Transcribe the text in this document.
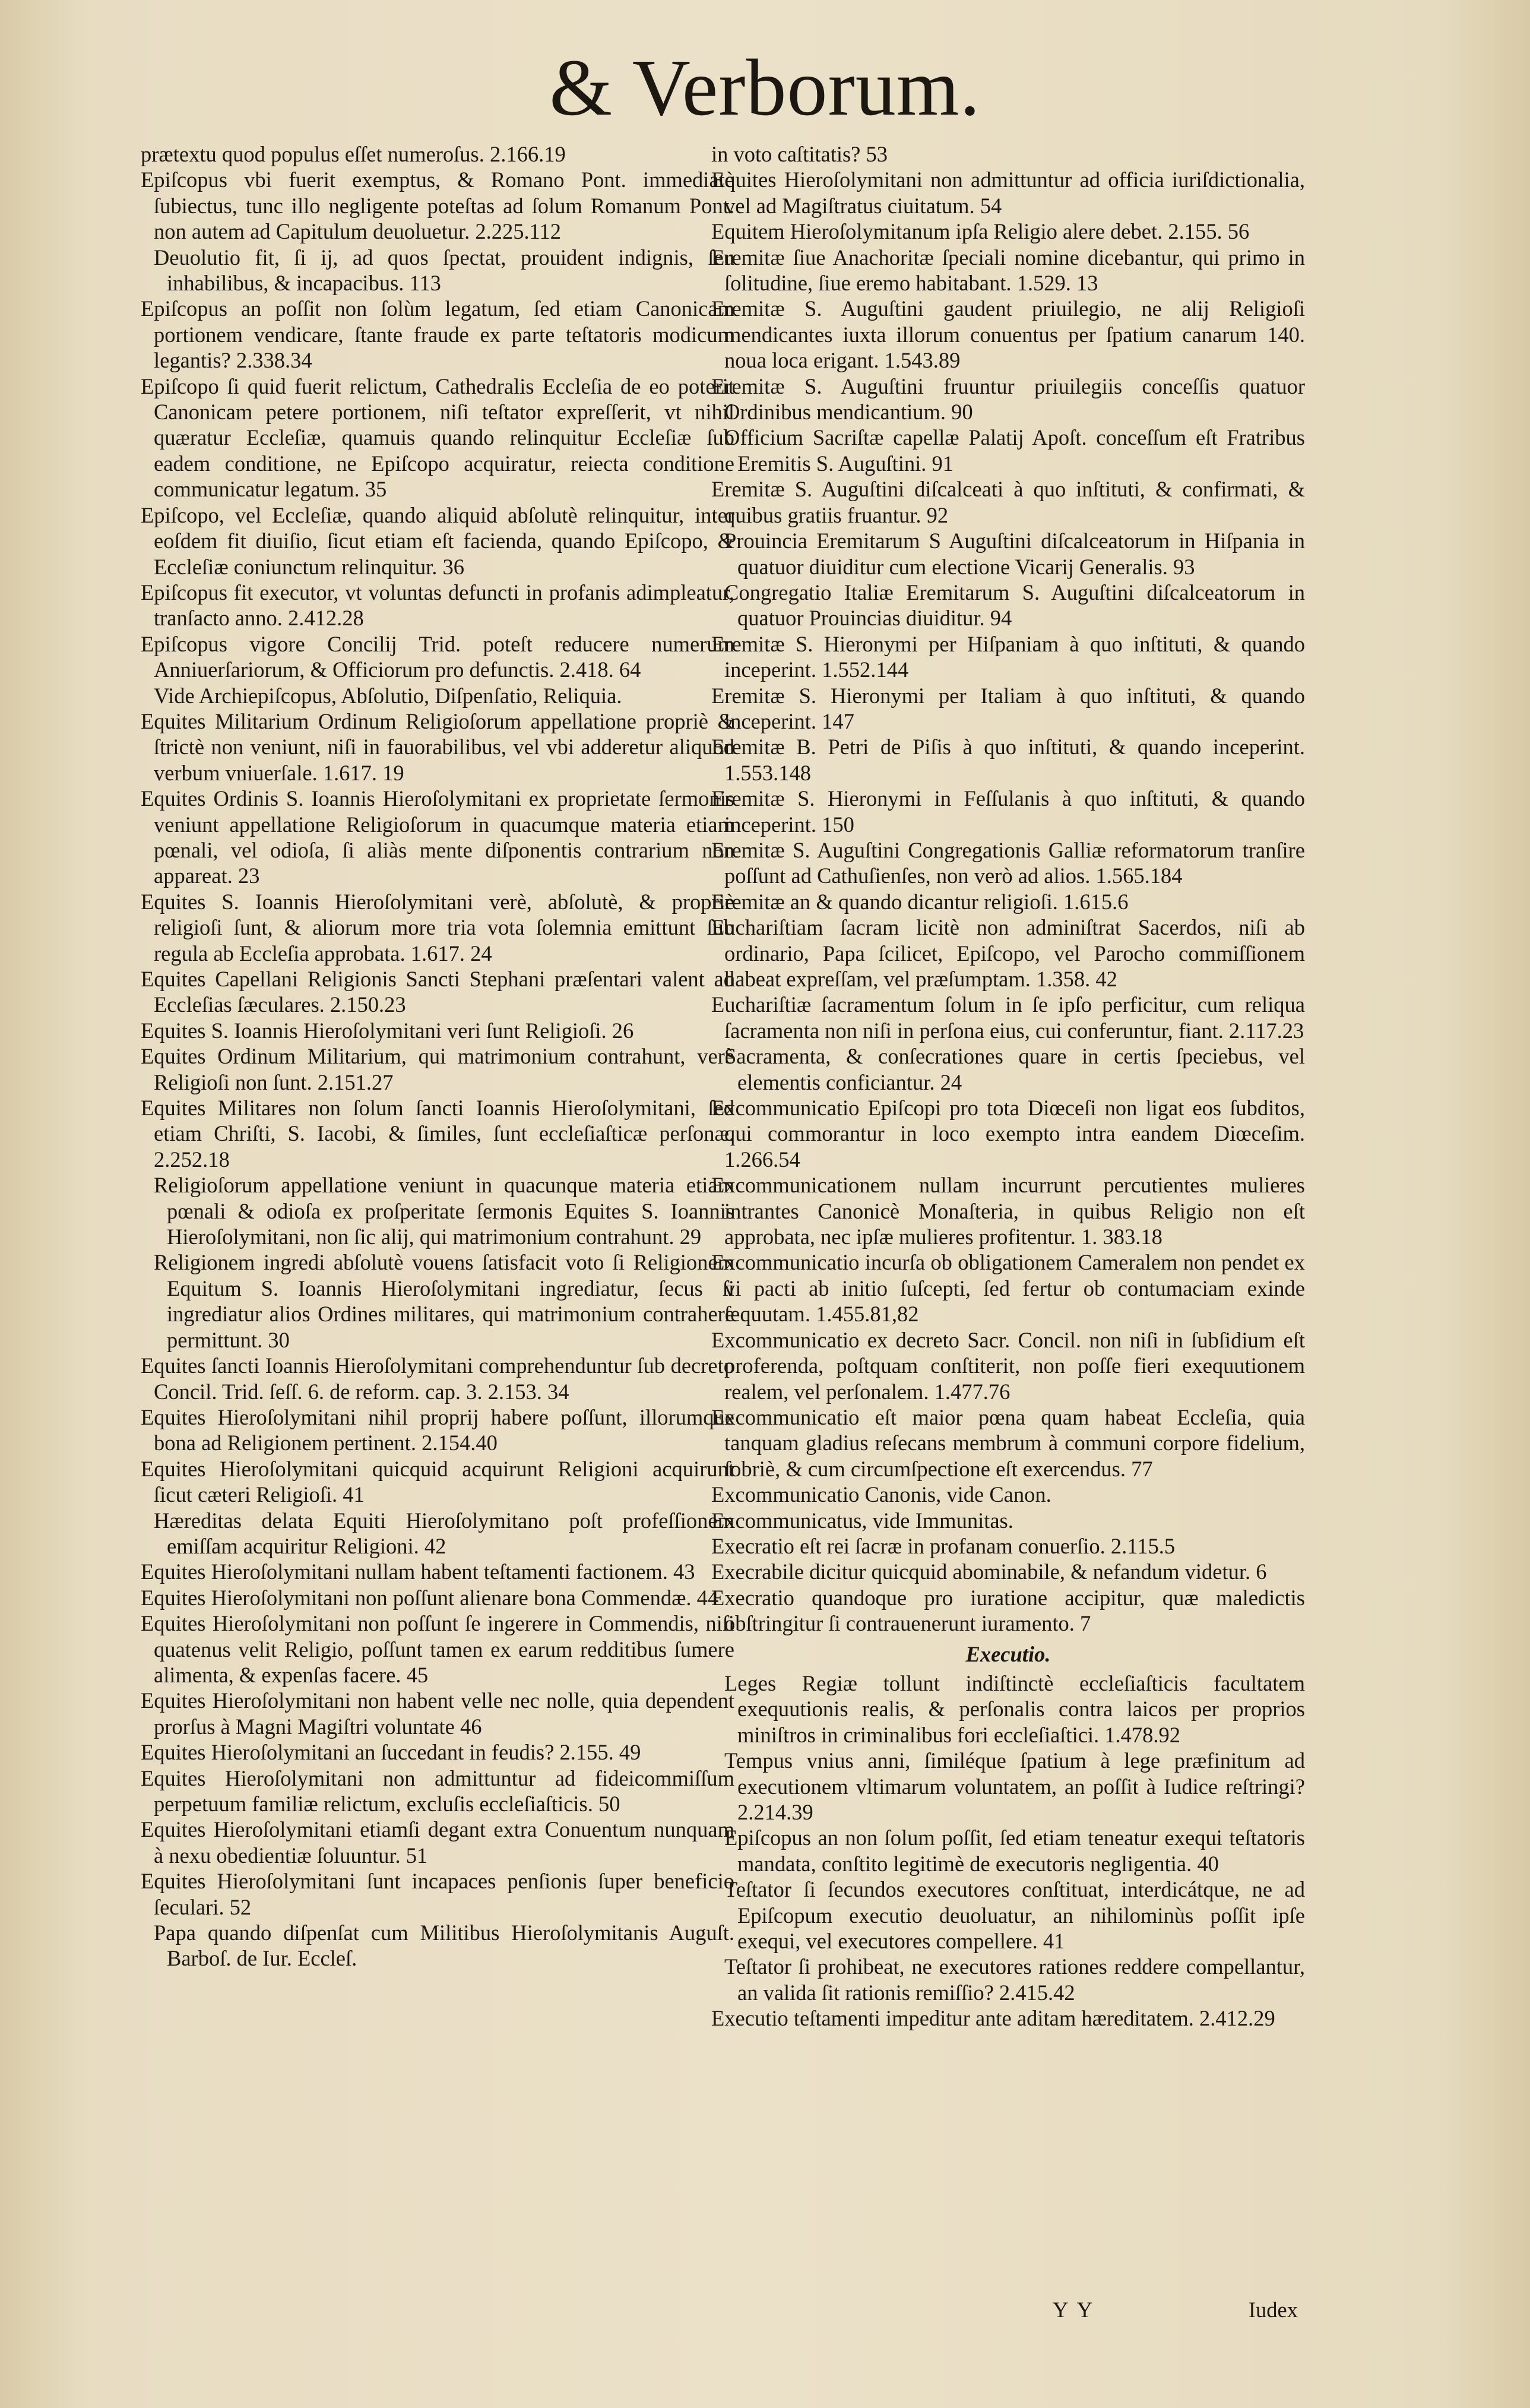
& Verborum.

prætextu quod populus eſſet numeroſus. 2.166.19

Epiſcopus vbi fuerit exemptus, & Romano Pont. immediatè ſubiectus, tunc illo negligente poteſtas ad ſolum Romanum Pont. non autem ad Capitulum deuoluetur. 2.225.112

Deuolutio fit, ſi ij, ad quos ſpectat, prouident indignis, ſeu inhabilibus, & incapacibus. 113

Epiſcopus an poſſit non ſolùm legatum, ſed etiam Canonicam portionem vendicare, ſtante fraude ex parte teſtatoris modicum legantis? 2.338.34

Epiſcopo ſi quid fuerit relictum, Cathedralis Eccleſia de eo poterit Canonicam petere portionem, niſi teſtator expreſſerit, vt nihil quæratur Eccleſiæ, quamuis quando relinquitur Eccleſiæ ſub eadem conditione, ne Epiſcopo acquiratur, reiecta conditione communicatur legatum. 35

Epiſcopo, vel Eccleſiæ, quando aliquid abſolutè relinquitur, inter eoſdem fit diuiſio, ſicut etiam eſt facienda, quando Epiſcopo, & Eccleſiæ coniunctum relinquitur. 36

Epiſcopus fit executor, vt voluntas defuncti in profanis adimpleatur, tranſacto anno. 2.412.28

Epiſcopus vigore Concilij Trid. poteſt reducere numerum Anniuerſariorum, & Officiorum pro defunctis. 2.418. 64

Vide Archiepiſcopus, Abſolutio, Diſpenſatio, Reliquia.

Equites Militarium Ordinum Religioſorum appellatione propriè & ſtrictè non veniunt, niſi in fauorabilibus, vel vbi adderetur aliquod verbum vniuerſale. 1.617. 19

Equites Ordinis S. Ioannis Hieroſolymitani ex proprietate ſermonis veniunt appellatione Religioſorum in quacumque materia etiam pœnali, vel odioſa, ſi aliàs mente diſponentis contrarium non appareat. 23

Equites S. Ioannis Hieroſolymitani verè, abſolutè, & propriè religioſi ſunt, & aliorum more tria vota ſolemnia emittunt ſub regula ab Eccleſia approbata. 1.617. 24

Equites Capellani Religionis Sancti Stephani præſentari valent ad Eccleſias ſæculares. 2.150.23

Equites S. Ioannis Hieroſolymitani veri ſunt Religioſi. 26

Equites Ordinum Militarium, qui matrimonium contrahunt, verè Religioſi non ſunt. 2.151.27

Equites Militares non ſolum ſancti Ioannis Hieroſolymitani, ſed etiam Chriſti, S. Iacobi, & ſimiles, ſunt eccleſiaſticæ perſonæ. 2.252.18

Religioſorum appellatione veniunt in quacunque materia etiam pœnali & odioſa ex proſperitate ſermonis Equites S. Ioannis Hieroſolymitani, non ſic alij, qui matrimonium contrahunt. 29

Religionem ingredi abſolutè vouens ſatisfacit voto ſi Religionem Equitum S. Ioannis Hieroſolymitani ingrediatur, ſecus ſi ingrediatur alios Ordines militares, qui matrimonium contrahere permittunt. 30

Equites ſancti Ioannis Hieroſolymitani comprehenduntur ſub decreto Concil. Trid. ſeſſ. 6. de reform. cap. 3. 2.153. 34

Equites Hieroſolymitani nihil proprij habere poſſunt, illorumque bona ad Religionem pertinent. 2.154.40

Equites Hieroſolymitani quicquid acquirunt Religioni acquirunt ſicut cæteri Religioſi. 41

Hæreditas delata Equiti Hieroſolymitano poſt profeſſionem emiſſam acquiritur Religioni. 42

Equites Hieroſolymitani nullam habent teſtamenti factionem. 43

Equites Hieroſolymitani non poſſunt alienare bona Commendæ. 44

Equites Hieroſolymitani non poſſunt ſe ingerere in Commendis, niſi quatenus velit Religio, poſſunt tamen ex earum redditibus ſumere alimenta, & expenſas facere. 45

Equites Hieroſolymitani non habent velle nec nolle, quia dependent prorſus à Magni Magiſtri voluntate 46

Equites Hieroſolymitani an ſuccedant in feudis? 2.155. 49

Equites Hieroſolymitani non admittuntur ad fideicommiſſum perpetuum familiæ relictum, excluſis eccleſiaſticis. 50

Equites Hieroſolymitani etiamſi degant extra Conuentum nunquam à nexu obedientiæ ſoluuntur. 51

Equites Hieroſolymitani ſunt incapaces penſionis ſuper beneficio ſeculari. 52

Papa quando diſpenſat cum Militibus Hieroſolymitanis Auguſt. Barboſ. de Iur. Eccleſ.

in voto caſtitatis? 53

Equites Hieroſolymitani non admittuntur ad officia iuriſdictionalia, vel ad Magiſtratus ciuitatum. 54

Equitem Hieroſolymitanum ipſa Religio alere debet. 2.155. 56

Eremitæ ſiue Anachoritæ ſpeciali nomine dicebantur, qui primo in ſolitudine, ſiue eremo habitabant. 1.529. 13

Eremitæ S. Auguſtini gaudent priuilegio, ne alij Religioſi mendicantes iuxta illorum conuentus per ſpatium canarum 140. noua loca erigant. 1.543.89

Eremitæ S. Auguſtini fruuntur priuilegiis conceſſis quatuor Ordinibus mendicantium. 90

Officium Sacriſtæ capellæ Palatij Apoſt. conceſſum eſt Fratribus Eremitis S. Auguſtini. 91

Eremitæ S. Auguſtini diſcalceati à quo inſtituti, & confirmati, & quibus gratiis fruantur. 92

Prouincia Eremitarum S Auguſtini diſcalceatorum in Hiſpania in quatuor diuiditur cum electione Vicarij Generalis. 93

Congregatio Italiæ Eremitarum S. Auguſtini diſcalceatorum in quatuor Prouincias diuiditur. 94

Eremitæ S. Hieronymi per Hiſpaniam à quo inſtituti, & quando inceperint. 1.552.144

Eremitæ S. Hieronymi per Italiam à quo inſtituti, & quando inceperint. 147

Eremitæ B. Petri de Piſis à quo inſtituti, & quando inceperint. 1.553.148

Eremitæ S. Hieronymi in Feſſulanis à quo inſtituti, & quando inceperint. 150

Eremitæ S. Auguſtini Congregationis Galliæ reformatorum tranſire poſſunt ad Cathuſienſes, non verò ad alios. 1.565.184

Eremitæ an & quando dicantur religioſi. 1.615.6

Euchariſtiam ſacram licitè non adminiſtrat Sacerdos, niſi ab ordinario, Papa ſcilicet, Epiſcopo, vel Parocho commiſſionem habeat expreſſam, vel præſumptam. 1.358. 42

Euchariſtiæ ſacramentum ſolum in ſe ipſo perficitur, cum reliqua ſacramenta non niſi in perſona eius, cui conferuntur, fiant. 2.117.23

Sacramenta, & conſecrationes quare in certis ſpeciebus, vel elementis conficiantur. 24

Excommunicatio Epiſcopi pro tota Diœceſi non ligat eos ſubditos, qui commorantur in loco exempto intra eandem Diœceſim. 1.266.54

Excommunicationem nullam incurrunt percutientes mulieres intrantes Canonicè Monaſteria, in quibus Religio non eſt approbata, nec ipſæ mulieres profitentur. 1. 383.18

Excommunicatio incurſa ob obligationem Cameralem non pendet ex vi pacti ab initio ſuſcepti, ſed fertur ob contumaciam exinde ſequutam. 1.455.81,82

Excommunicatio ex decreto Sacr. Concil. non niſi in ſubſidium eſt proferenda, poſtquam conſtiterit, non poſſe fieri exequutionem realem, vel perſonalem. 1.477.76

Excommunicatio eſt maior pœna quam habeat Eccleſia, quia tanquam gladius reſecans membrum à communi corpore fidelium, ſobriè, & cum circumſpectione eſt exercendus. 77

Excommunicatio Canonis, vide Canon.

Excommunicatus, vide Immunitas.

Execratio eſt rei ſacræ in profanam conuerſio. 2.115.5

Execrabile dicitur quicquid abominabile, & nefandum videtur. 6

Execratio quandoque pro iuratione accipitur, quæ maledictis obſtringitur ſi contrauenerunt iuramento. 7

Executio.

Leges Regiæ tollunt indiſtinctè eccleſiaſticis facultatem exequutionis realis, & perſonalis contra laicos per proprios miniſtros in criminalibus fori eccleſiaſtici. 1.478.92

Tempus vnius anni, ſimiléque ſpatium à lege præfinitum ad executionem vltimarum voluntatem, an poſſit à Iudice reſtringi? 2.214.39

Epiſcopus an non ſolum poſſit, ſed etiam teneatur exequi teſtatoris mandata, conſtito legitimè de executoris negligentia. 40

Teſtator ſi ſecundos executores conſtituat, interdicátque, ne ad Epiſcopum executio deuoluatur, an nihilominùs poſſit ipſe exequi, vel executores compellere. 41

Teſtator ſi prohibeat, ne executores rationes reddere compellantur, an valida ſit rationis remiſſio? 2.415.42

Executio teſtamenti impeditur ante aditam hæreditatem. 2.412.29

Y Y	Iudex
